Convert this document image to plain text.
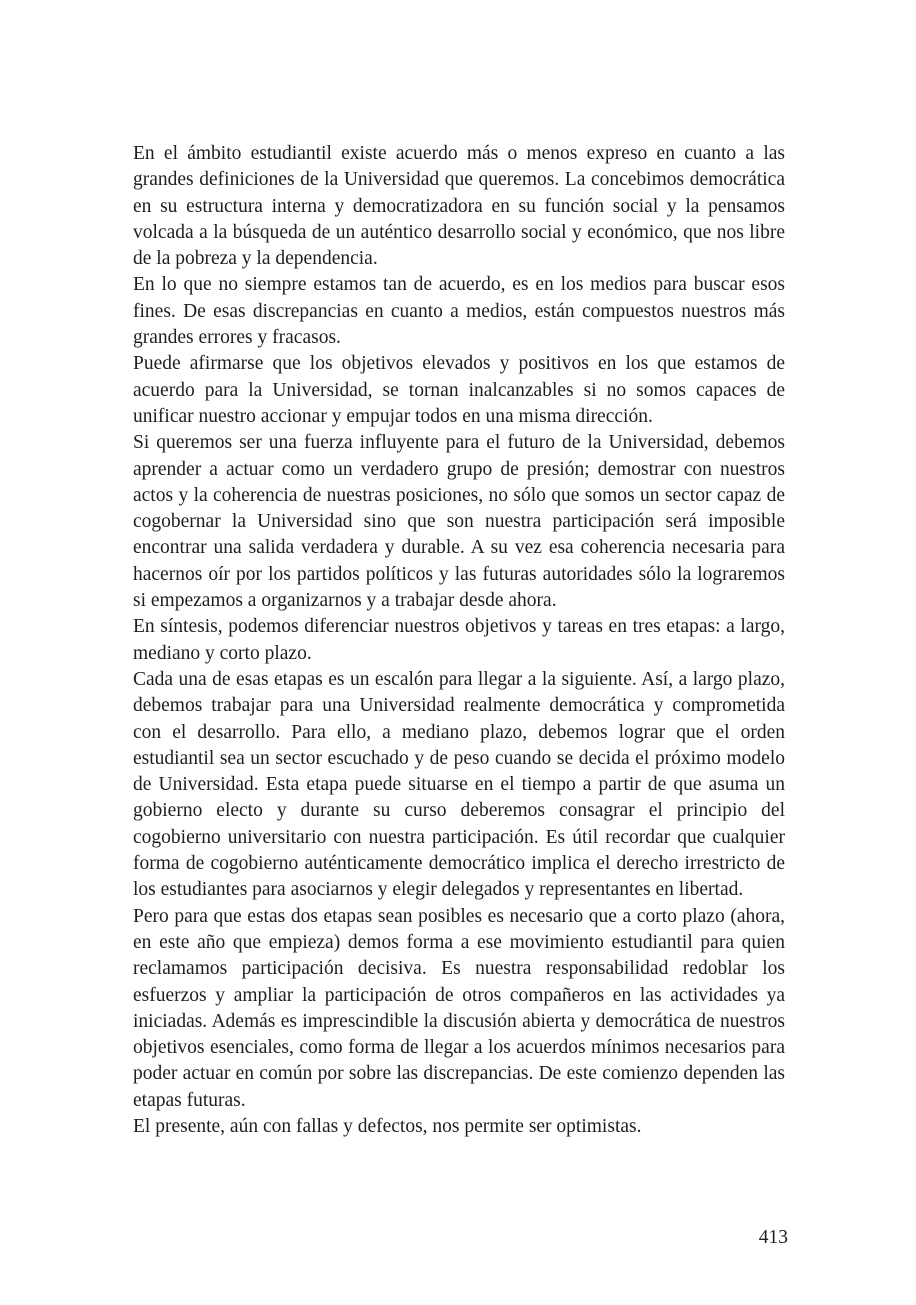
En el ámbito estudiantil existe acuerdo más o menos expreso en cuanto a las grandes definiciones de la Universidad que queremos. La concebimos democrática en su estructura interna y democratizadora en su función social y la pensamos volcada a la búsqueda de un auténtico desarrollo social y económico, que nos libre de la pobreza y la dependencia.

En lo que no siempre estamos tan de acuerdo, es en los medios para buscar esos fines. De esas discrepancias en cuanto a medios, están compuestos nuestros más grandes errores y fracasos.

Puede afirmarse que los objetivos elevados y positivos en los que estamos de acuerdo para la Universidad, se tornan inalcanzables si no somos capaces de unificar nuestro accionar y empujar todos en una misma dirección.

Si queremos ser una fuerza influyente para el futuro de la Universidad, debemos aprender a actuar como un verdadero grupo de presión; demostrar con nuestros actos y la coherencia de nuestras posiciones, no sólo que somos un sector capaz de cogobernar la Universidad sino que son nuestra participación será imposible encontrar una salida verdadera y durable. A su vez esa coherencia necesaria para hacernos oír por los partidos políticos y las futuras autoridades sólo la lograremos si empezamos a organizarnos y a trabajar desde ahora.

En síntesis, podemos diferenciar nuestros objetivos y tareas en tres etapas: a largo, mediano y corto plazo.

Cada una de esas etapas es un escalón para llegar a la siguiente. Así, a largo plazo, debemos trabajar para una Universidad realmente democrática y comprometida con el desarrollo. Para ello, a mediano plazo, debemos lograr que el orden estudiantil sea un sector escuchado y de peso cuando se decida el próximo modelo de Universidad. Esta etapa puede situarse en el tiempo a partir de que asuma un gobierno electo y durante su curso deberemos consagrar el principio del cogobierno universitario con nuestra participación. Es útil recordar que cualquier forma de cogobierno auténticamente democrático implica el derecho irrestricto de los estudiantes para asociarnos y elegir delegados y representantes en libertad.

Pero para que estas dos etapas sean posibles es necesario que a corto plazo (ahora, en este año que empieza) demos forma a ese movimiento estudiantil para quien reclamamos participación decisiva. Es nuestra responsabilidad redoblar los esfuerzos y ampliar la participación de otros compañeros en las actividades ya iniciadas. Además es imprescindible la discusión abierta y democrática de nuestros objetivos esenciales, como forma de llegar a los acuerdos mínimos necesarios para poder actuar en común por sobre las discrepancias. De este comienzo dependen las etapas futuras.

El presente, aún con fallas y defectos, nos permite ser optimistas.

413
